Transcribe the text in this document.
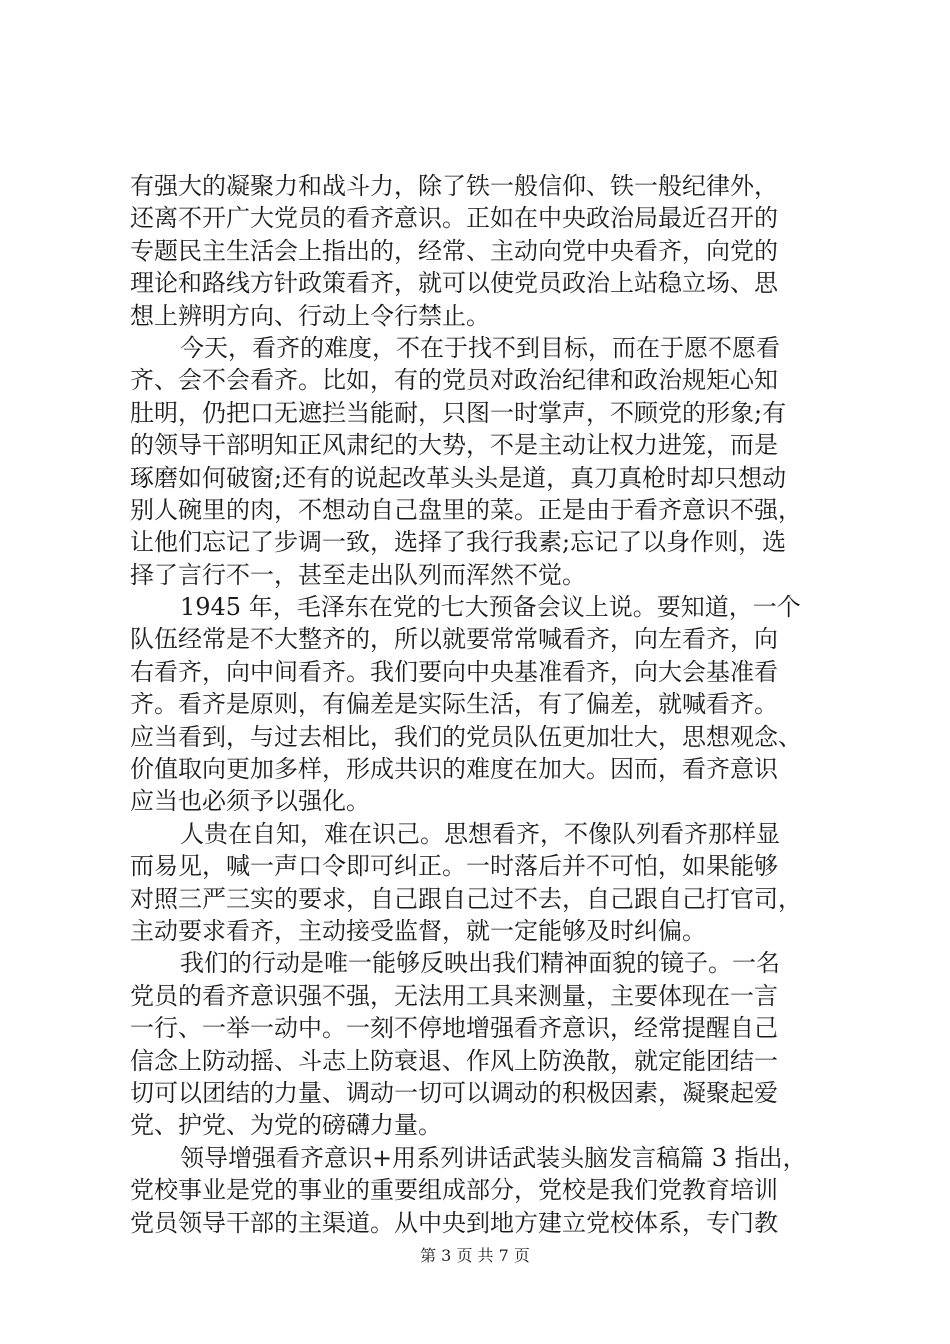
有强大的凝聚力和战斗力，除了铁一般信仰、铁一般纪律外，
还离不开广大党员的看齐意识。正如在中央政治局最近召开的
专题民主生活会上指出的，经常、主动向党中央看齐，向党的
理论和路线方针政策看齐，就可以使党员政治上站稳立场、思
想上辨明方向、行动上令行禁止。
今天，看齐的难度，不在于找不到目标，而在于愿不愿看
齐、会不会看齐。比如，有的党员对政治纪律和政治规矩心知
肚明，仍把口无遮拦当能耐，只图一时掌声，不顾党的形象;有
的领导干部明知正风肃纪的大势，不是主动让权力进笼，而是
琢磨如何破窗;还有的说起改革头头是道，真刀真枪时却只想动
别人碗里的肉，不想动自己盘里的菜。正是由于看齐意识不强，
让他们忘记了步调一致，选择了我行我素;忘记了以身作则，选
择了言行不一，甚至走出队列而浑然不觉。
1945 年，毛泽东在党的七大预备会议上说。要知道，一个
队伍经常是不大整齐的，所以就要常常喊看齐，向左看齐，向
右看齐，向中间看齐。我们要向中央基准看齐，向大会基准看
齐。看齐是原则，有偏差是实际生活，有了偏差，就喊看齐。
应当看到，与过去相比，我们的党员队伍更加壮大，思想观念、
价值取向更加多样，形成共识的难度在加大。因而，看齐意识
应当也必须予以强化。
人贵在自知，难在识己。思想看齐，不像队列看齐那样显
而易见，喊一声口令即可纠正。一时落后并不可怕，如果能够
对照三严三实的要求，自己跟自己过不去，自己跟自己打官司，
主动要求看齐，主动接受监督，就一定能够及时纠偏。
我们的行动是唯一能够反映出我们精神面貌的镜子。一名
党员的看齐意识强不强，无法用工具来测量，主要体现在一言
一行、一举一动中。一刻不停地增强看齐意识，经常提醒自己
信念上防动摇、斗志上防衰退、作风上防涣散，就定能团结一
切可以团结的力量、调动一切可以调动的积极因素，凝聚起爱
党、护党、为党的磅礴力量。
领导增强看齐意识+用系列讲话武装头脑发言稿篇 3 指出，
党校事业是党的事业的重要组成部分，党校是我们党教育培训
党员领导干部的主渠道。从中央到地方建立党校体系，专门教
第 3 页 共 7 页
